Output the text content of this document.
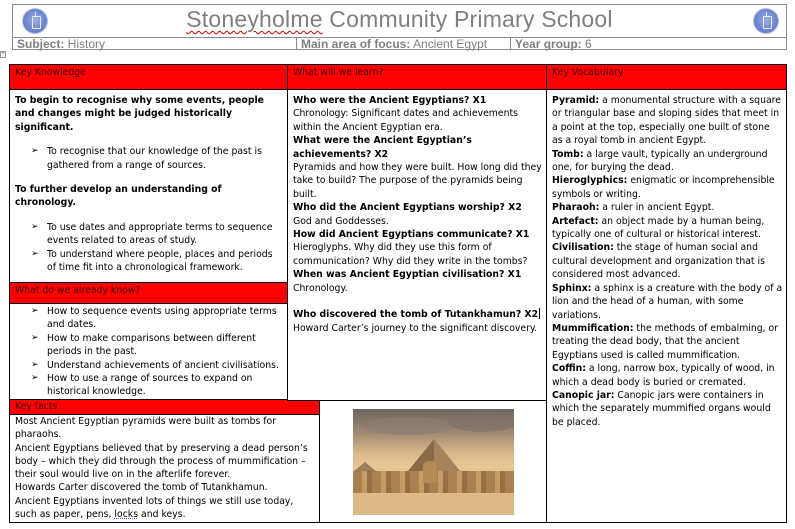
Stoneyholme Community Primary School
Subject: History	Main area of focus: Ancient Egypt	Year group: 6
+
Key Knowledge	What will we learn?	Key Vocabulary
To begin to recognise why some events, people and changes might be judged historically significant.
➢ To recognise that our knowledge of the past is gathered from a range of sources.
To further develop an understanding of chronology.
➢ To use dates and appropriate terms to sequence events related to areas of study.
➢ To understand where people, places and periods of time fit into a chronological framework.
What do we already know?
➢ How to sequence events using appropriate terms and dates.
➢ How to make comparisons between different periods in the past.
➢ Understand achievements of ancient civilisations.
➢ How to use a range of sources to expand on historical knowledge.
Key facts
Most Ancient Egyptian pyramids were built as tombs for pharaohs.
Ancient Egyptians believed that by preserving a dead person’s body – which they did through the process of mummification – their soul would live on in the afterlife forever.
Howards Carter discovered the tomb of Tutankhamun.
Ancient Egyptians invented lots of things we still use today, such as paper, pens, locks and keys.
Who were the Ancient Egyptians? X1
Chronology: Significant dates and achievements within the Ancient Egyptian era.
What were the Ancient Egyptian’s achievements? X2
Pyramids and how they were built. How long did they take to build? The purpose of the pyramids being built.
Who did the Ancient Egyptians worship? X2
God and Goddesses.
How did Ancient Egyptians communicate? X1
Hieroglyphs. Why did they use this form of communication? Why did they write in the tombs?
When was Ancient Egyptian civilisation? X1
Chronology.
Who discovered the tomb of Tutankhamun? X2
Howard Carter’s journey to the significant discovery.
Pyramid: a monumental structure with a square or triangular base and sloping sides that meet in a point at the top, especially one built of stone as a royal tomb in ancient Egypt.
Tomb: a large vault, typically an underground one, for burying the dead.
Hieroglyphics: enigmatic or incomprehensible symbols or writing.
Pharaoh: a ruler in ancient Egypt.
Artefact: an object made by a human being, typically one of cultural or historical interest.
Civilisation: the stage of human social and cultural development and organization that is considered most advanced.
Sphinx: a sphinx is a creature with the body of a lion and the head of a human, with some variations.
Mummification: the methods of embalming, or treating the dead body, that the ancient Egyptians used is called mummification.
Coffin: a long, narrow box, typically of wood, in which a dead body is buried or cremated.
Canopic jar: Canopic jars were containers in which the separately mummified organs would be placed.
